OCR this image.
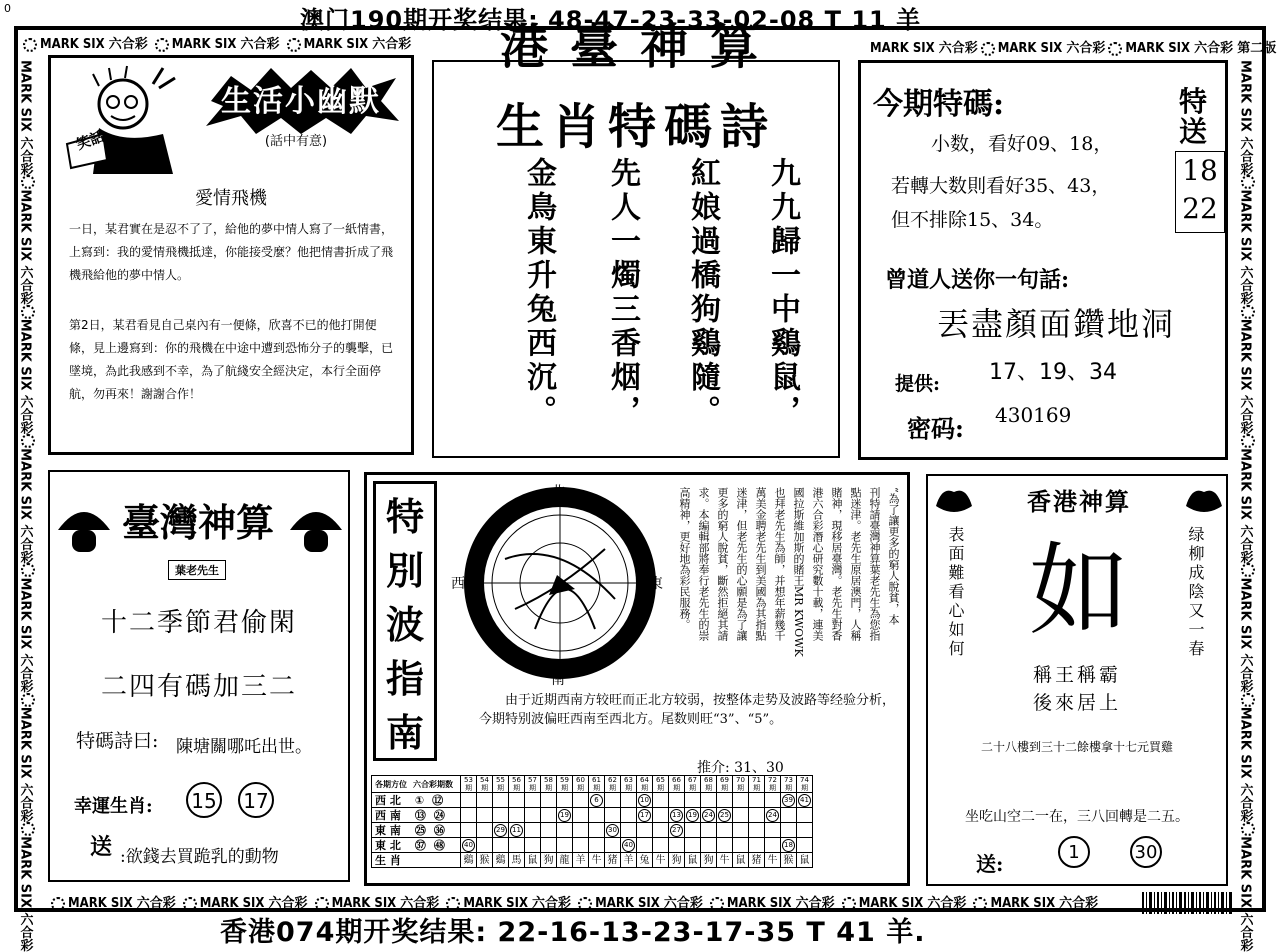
0	澳门190期开奖结果: 48-47-23-33-02-08 T 11 羊
MARK SIX 六合彩 MARK SIX 六合彩 MARK SIX 六合彩	港臺神算	MARK SIX 六合彩 MARK SIX 六合彩 MARK SIX 六合彩 第二版
MARK SIX 六合彩MARK SIX 六合彩MARK SIX 六合彩MARK SIX 六合彩MARK SIX 六合彩MARK SIX 六合彩MARK SIX 六合彩
MARK SIX 六合彩MARK SIX 六合彩MARK SIX 六合彩MARK SIX 六合彩MARK SIX 六合彩MARK SIX 六合彩MARK SIX 六合彩
笑話
生活小幽默
(話中有意)
愛情飛機
一日，某君實在是忍不了了，給他的夢中情人寫了一紙情書，上寫到：我的愛情飛機抵達，你能接受麼？他把情書折成了飛機飛給他的夢中情人。
第2日，某君看見自己桌內有一便條，欣喜不已的他打開便條，見上邊寫到：你的飛機在中途中遭到恐怖分子的襲擊，已墜境，為此我感到不幸，為了航綫安全經決定，本行全面停航，勿再來！謝謝合作！
生肖特碼詩
九九歸一中鷄鼠，
紅娘過橋狗鷄隨。
先人一燭三香烟，
金鳥東升兔西沉。
今期特碼:
小数，看好09、18，
若轉大数則看好35、43，
但不排除15、34。
特送
18
22
曾道人送你一句話:
丟盡顏面鑽地洞
提供: 17、19、34
密码: 430169
臺灣神算
葉老先生
十二季節君偷閑
二四有碼加三二
特碼詩曰: 陳塘關哪吒出世。
幸運生肖: 15 17
送 :欲錢去買跪乳的動物
特
別
波
指
南
北
南
東
西	“為了讓更多的窮人脫貧，本
刊特請臺灣神算葉老先生為您指
點迷津。老先生原居澳門，人稱
賭神，現移居臺灣。老先生對香
港六合彩潛心研究數十載，連美
國拉斯維加斯的賭王MR KWOWK
也拜老先生為師，并想年薪幾千
萬美金聘老先生到美國為其指點
迷津，但老先生的心願是為了讓
更多的窮人脫貧，斷然拒絕其請
求。本編輯部將奉行老先生的崇
高精神，更好地為彩民服務。
由于近期西南方较旺而正北方较弱，按整体走势及波路等经验分析，今期特别波偏旺西南至西北方。尾数则旺“3”、“5”。
推介: 31、30
各期方位 六合彩期数	53期	54期	55期	56期	57期	58期	59期	60期	61期	62期	63期	64期	65期	66期	67期	68期	69期	70期	71期	72期	73期	74期
西 北 ① ⑫									6			10									39	41
西 南 ⑬ ㉔							19					17		13	19	24	25			24		
東 南 ㉕ ㊱			29	11						30				27								
東 北 ㊲ ㊽	40										40										18	
生 肖	鷄	猴	鷄	馬	鼠	狗	龍	羊	牛	猪	羊	兔	牛	狗	鼠	狗	牛	鼠	猪	牛	猴	鼠
香港神算
表面難看心如何	绿柳成陰又一春
如
稱王稱霸
後來居上
二十八樓到三十二餘樓拿十七元買雞
坐吃山空二一在，三八回轉是二五。
送:	1	30
MARK SIX 六合彩 MARK SIX 六合彩 MARK SIX 六合彩 MARK SIX 六合彩 MARK SIX 六合彩 MARK SIX 六合彩 MARK SIX 六合彩 MARK SIX 六合彩
香港074期开奖结果: 22-16-13-23-17-35 T 41 羊.
